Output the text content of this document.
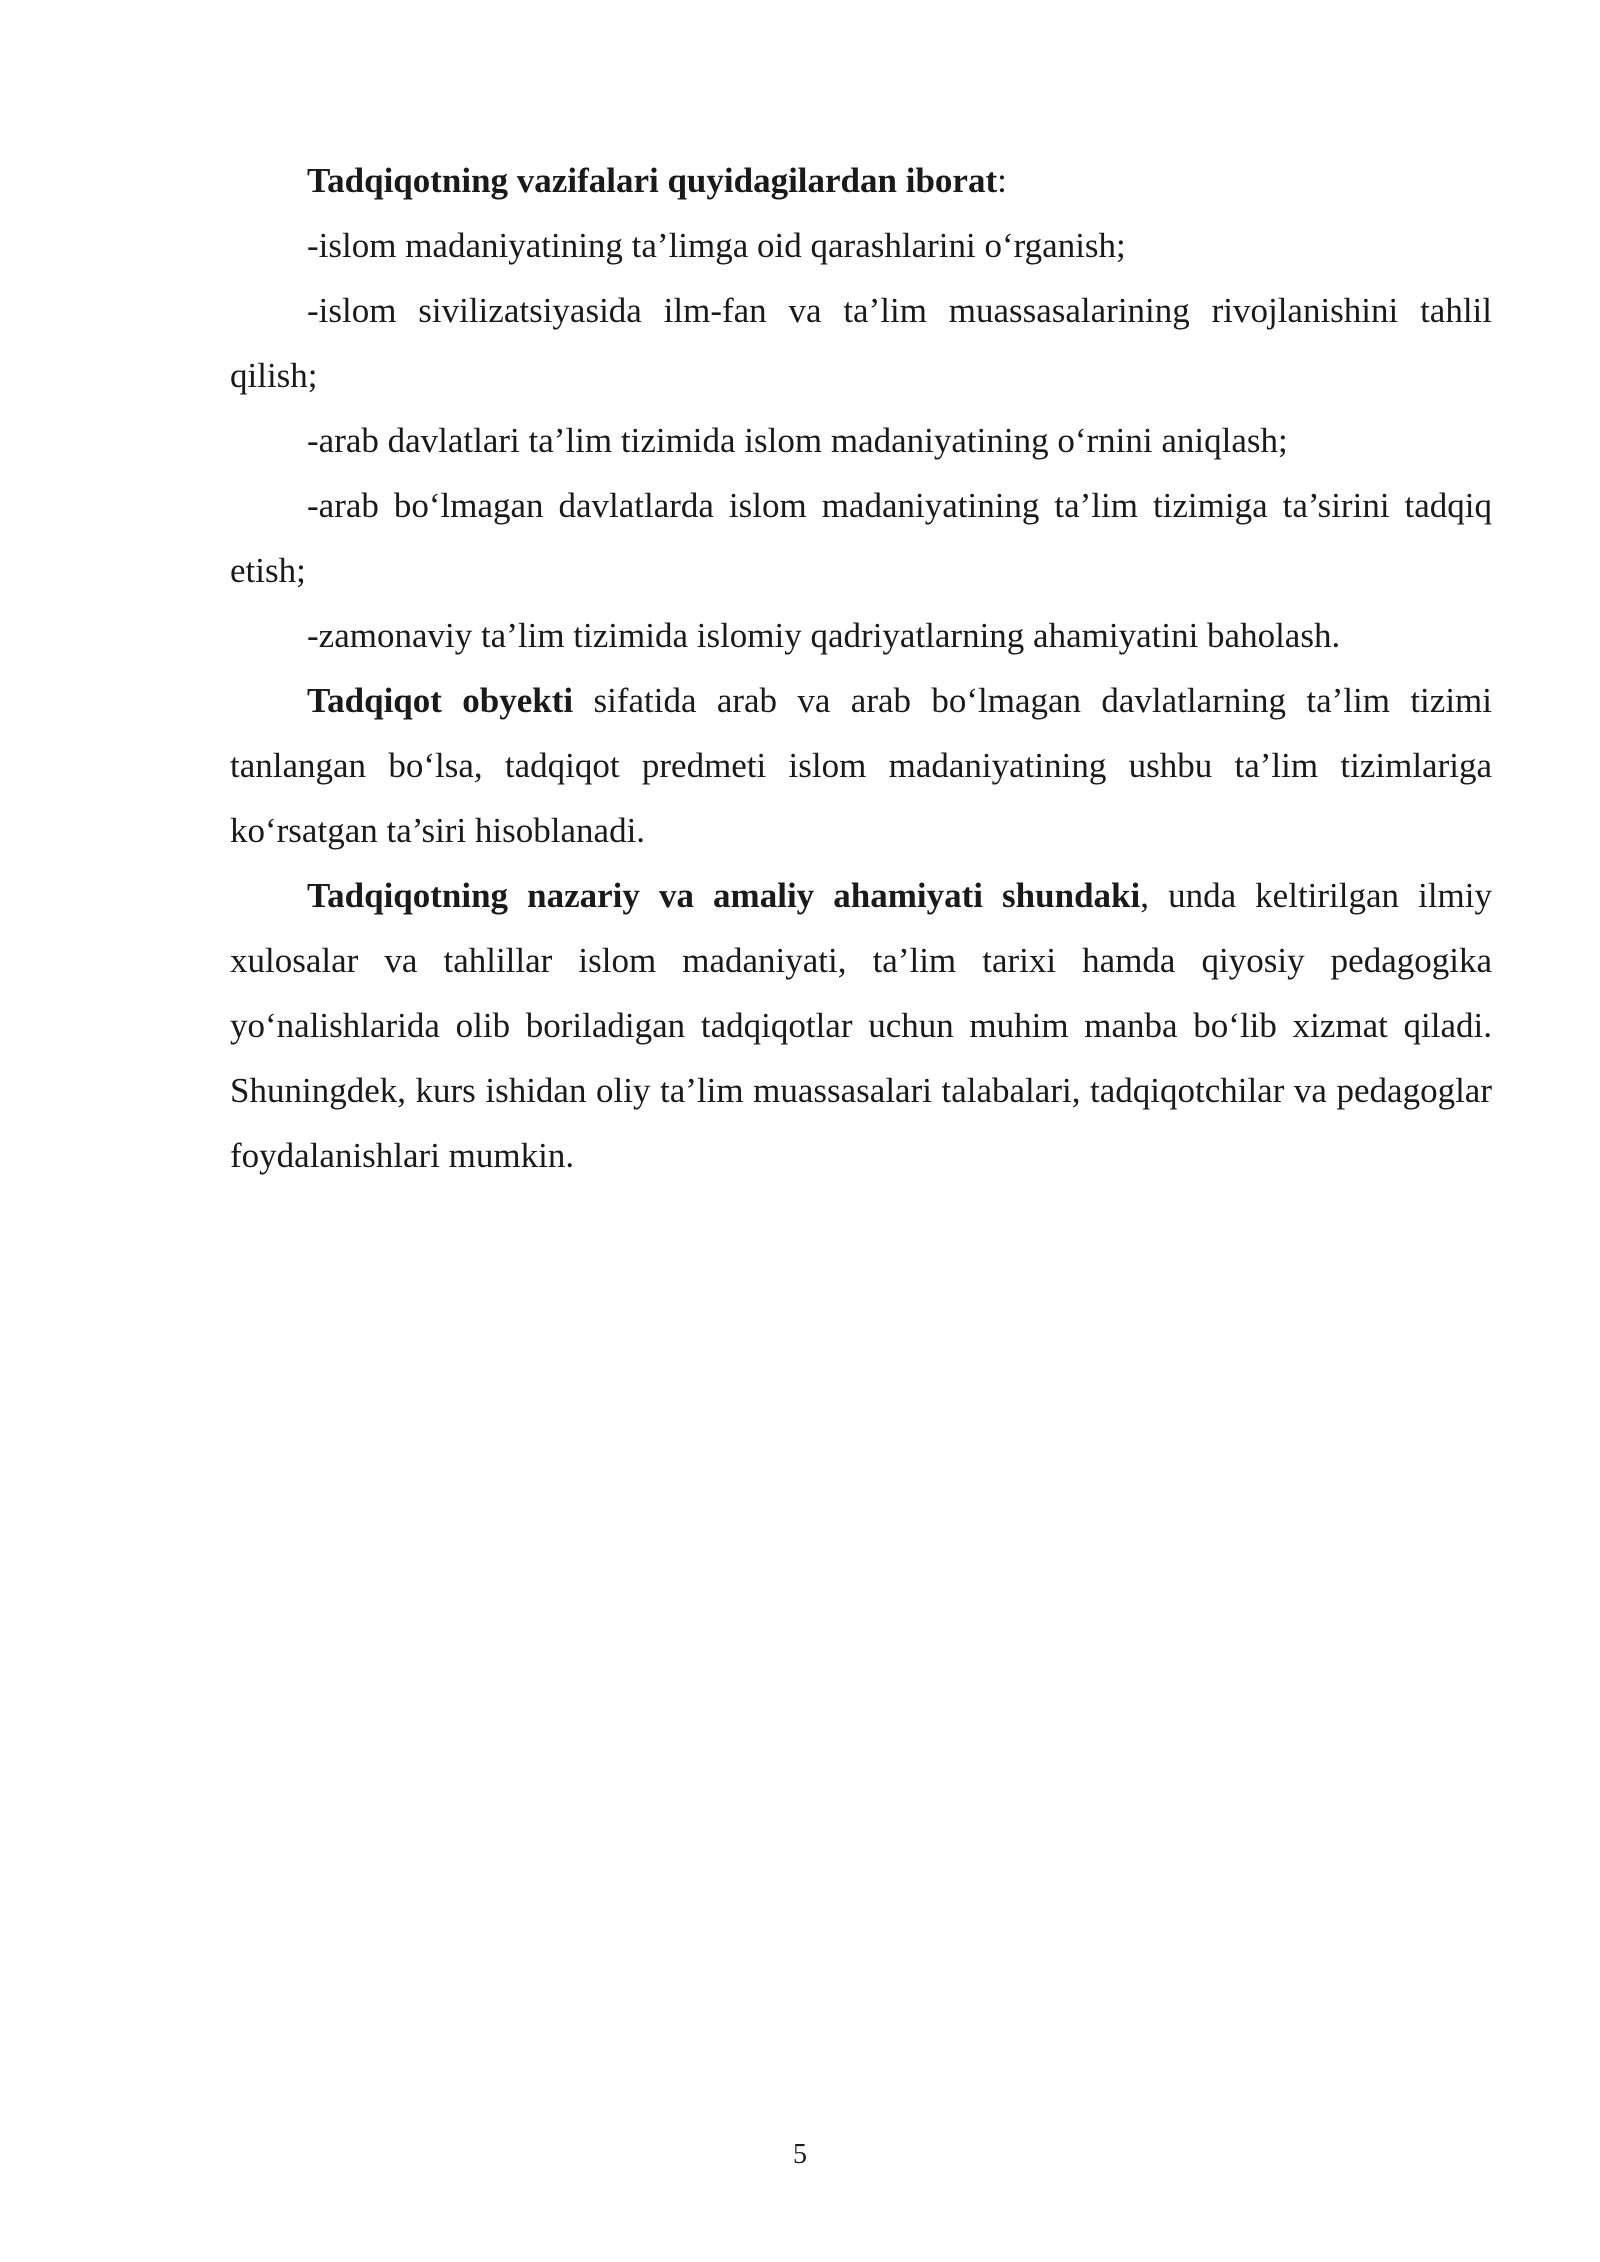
Tadqiqotning vazifalari quyidagilardan iborat:

-islom madaniyatining ta’limga oid qarashlarini o‘rganish;

-islom sivilizatsiyasida ilm-fan va ta’lim muassasalarining rivojlanishini tahlil qilish;

-arab davlatlari ta’lim tizimida islom madaniyatining o‘rnini aniqlash;

-arab bo‘lmagan davlatlarda islom madaniyatining ta’lim tizimiga ta’sirini tadqiq etish;

-zamonaviy ta’lim tizimida islomiy qadriyatlarning ahamiyatini baholash.

Tadqiqot obyekti sifatida arab va arab bo‘lmagan davlatlarning ta’lim tizimi tanlangan bo‘lsa, tadqiqot predmeti islom madaniyatining ushbu ta’lim tizimlariga ko‘rsatgan ta’siri hisoblanadi.

Tadqiqotning nazariy va amaliy ahamiyati shundaki, unda keltirilgan ilmiy xulosalar va tahlillar islom madaniyati, ta’lim tarixi hamda qiyosiy pedagogika yo‘nalishlarida olib boriladigan tadqiqotlar uchun muhim manba bo‘lib xizmat qiladi. Shuningdek, kurs ishidan oliy ta’lim muassasalari talabalari, tadqiqotchilar va pedagoglar foydalanishlari mumkin.

5
